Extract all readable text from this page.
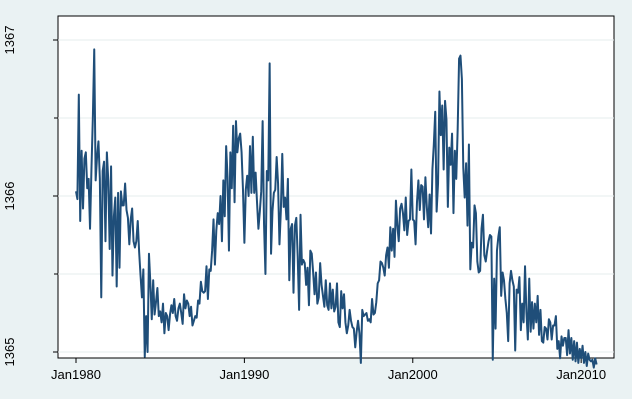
1365
1366
1367
Jan1980	Jan1990	Jan2000	Jan2010
